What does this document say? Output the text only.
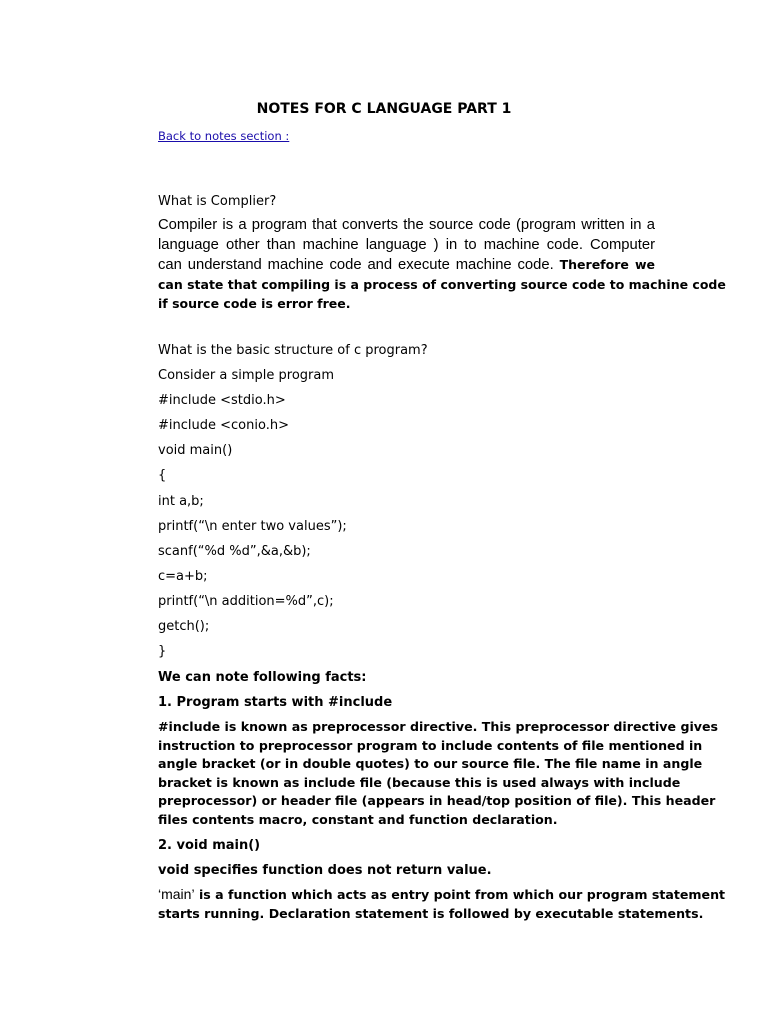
NOTES FOR C LANGUAGE PART 1
Back to notes section :
What is Complier?
Compiler is a program that converts the source code (program written in a
language other than machine language ) in to machine code. Computer
can understand machine code and execute machine code. Therefore we
can state that compiling is a process of converting source code to machine code
if source code is error free.
What is the basic structure of c program?
Consider a simple program
#include <stdio.h>
#include <conio.h>
void main()
{
int a,b;
printf(“\n enter two values”);
scanf(“%d %d”,&a,&b);
c=a+b;
printf(“\n addition=%d”,c);
getch();
}
We can note following facts:
1. Program starts with #include
#include is known as preprocessor directive. This preprocessor directive gives
instruction to preprocessor program to include contents of file mentioned in
angle bracket (or in double quotes) to our source file. The file name in angle
bracket is known as include file (because this is used always with include
preprocessor) or header file (appears in head/top position of file). This header
files contents macro, constant and function declaration.
2. void main()
void specifies function does not return value.
‘main’ is a function which acts as entry point from which our program statement
starts running. Declaration statement is followed by executable statements.
